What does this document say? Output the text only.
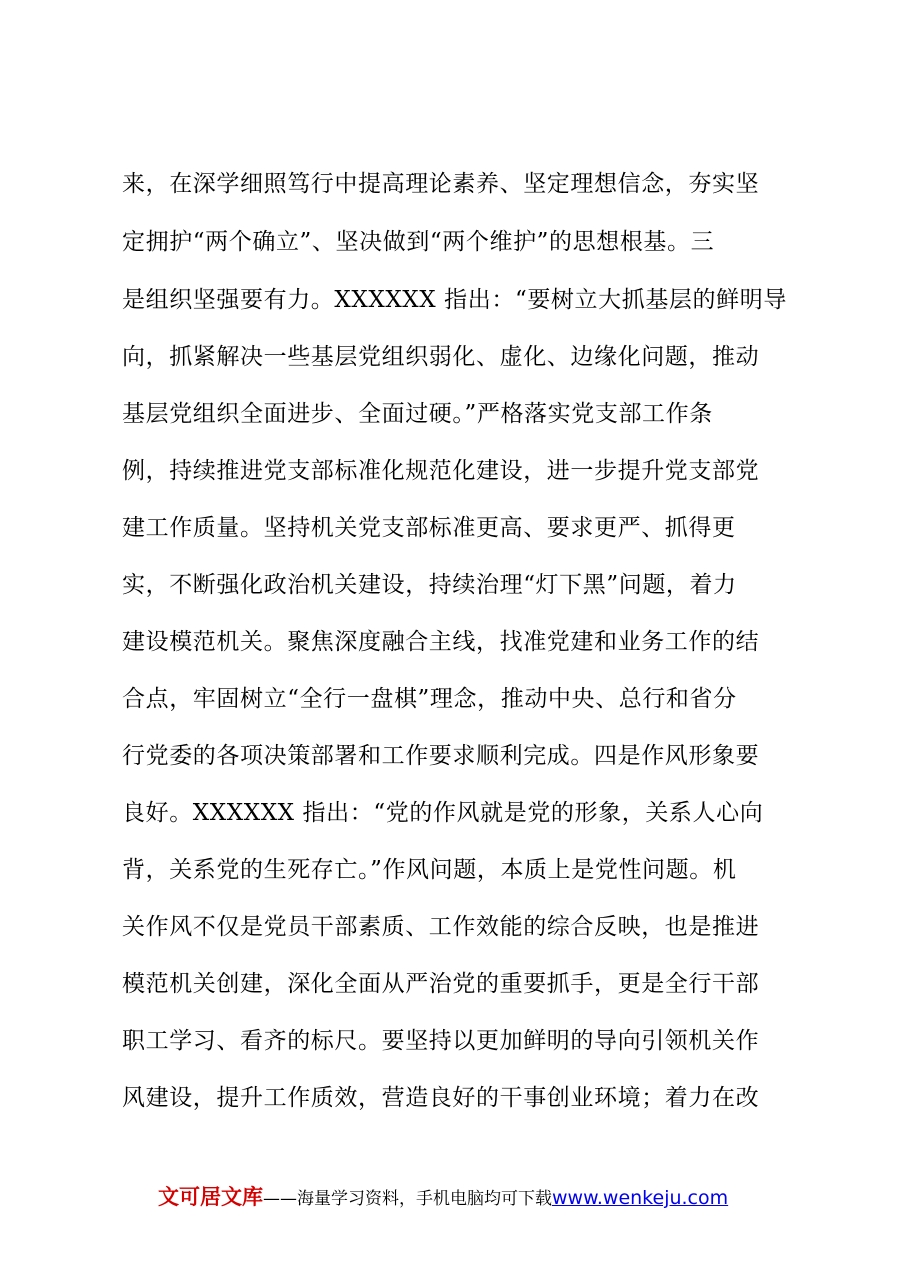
来，在深学细照笃行中提高理论素养、坚定理想信念，夯实坚
定拥护“两个确立”、坚决做到“两个维护”的思想根基。三
是组织坚强要有力。XXXXXX 指出：“要树立大抓基层的鲜明导
向，抓紧解决一些基层党组织弱化、虚化、边缘化问题，推动
基层党组织全面进步、全面过硬。”严格落实党支部工作条
例，持续推进党支部标准化规范化建设，进一步提升党支部党
建工作质量。坚持机关党支部标准更高、要求更严、抓得更
实，不断强化政治机关建设，持续治理“灯下黑”问题，着力
建设模范机关。聚焦深度融合主线，找准党建和业务工作的结
合点，牢固树立“全行一盘棋”理念，推动中央、总行和省分
行党委的各项决策部署和工作要求顺利完成。四是作风形象要
良好。XXXXXX 指出：“党的作风就是党的形象，关系人心向
背，关系党的生死存亡。”作风问题，本质上是党性问题。机
关作风不仅是党员干部素质、工作效能的综合反映，也是推进
模范机关创建，深化全面从严治党的重要抓手，更是全行干部
职工学习、看齐的标尺。要坚持以更加鲜明的导向引领机关作
风建设，提升工作质效，营造良好的干事创业环境；着力在改
文可居文库——海量学习资料，手机电脑均可下载www.wenkeju.com
